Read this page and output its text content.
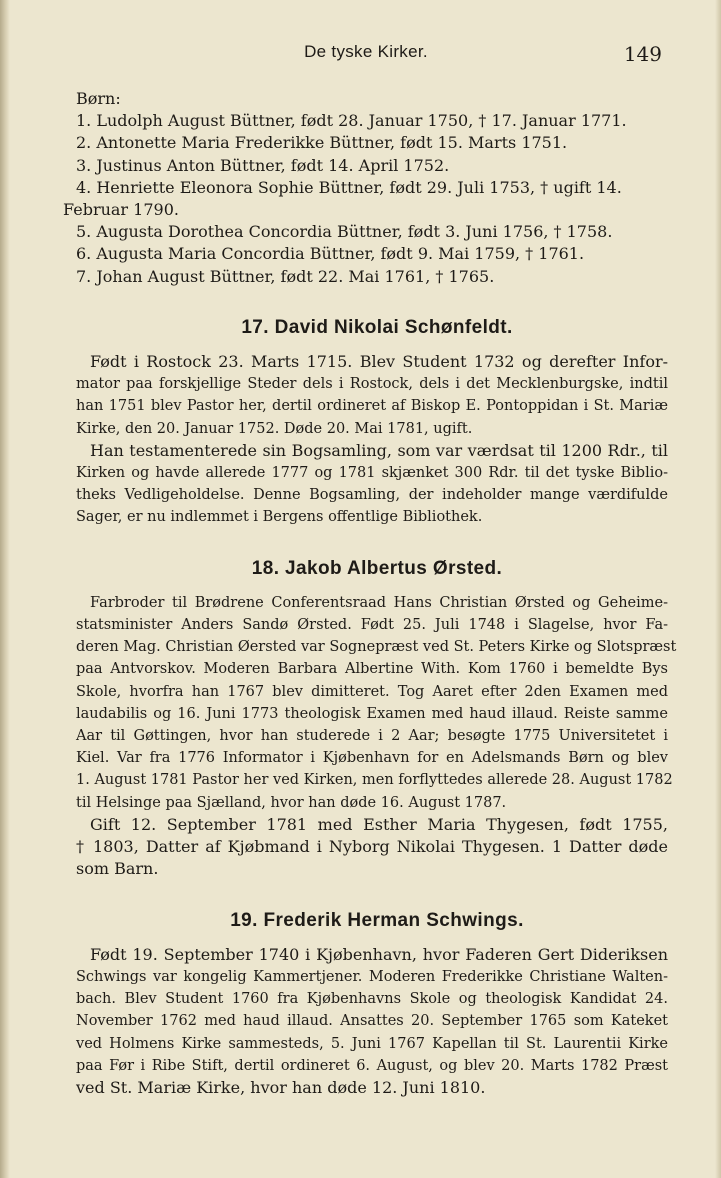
De tyske Kirker.	149
Børn:
1. Ludolph August Büttner, født 28. Januar 1750, † 17. Januar 1771.
2. Antonette Maria Frederikke Büttner, født 15. Marts 1751.
3. Justinus Anton Büttner, født 14. April 1752.
4. Henriette Eleonora Sophie Büttner, født 29. Juli 1753, † ugift 14.
Februar 1790.
5. Augusta Dorothea Concordia Büttner, født 3. Juni 1756, † 1758.
6. Augusta Maria Concordia Büttner, født 9. Mai 1759, † 1761.
7. Johan August Büttner, født 22. Mai 1761, † 1765.
17. David Nikolai Schønfeldt.
Født i Rostock 23. Marts 1715. Blev Student 1732 og derefter Infor-
mator paa forskjellige Steder dels i Rostock, dels i det Mecklenburgske, indtil
han 1751 blev Pastor her, dertil ordineret af Biskop E. Pontoppidan i St. Mariæ
Kirke, den 20. Januar 1752. Døde 20. Mai 1781, ugift.
Han testamenterede sin Bogsamling, som var værdsat til 1200 Rdr., til
Kirken og havde allerede 1777 og 1781 skjænket 300 Rdr. til det tyske Biblio-
theks Vedligeholdelse. Denne Bogsamling, der indeholder mange værdifulde
Sager, er nu indlemmet i Bergens offentlige Bibliothek.
18. Jakob Albertus Ørsted.
Farbroder til Brødrene Conferentsraad Hans Christian Ørsted og Geheime-
statsminister Anders Sandø Ørsted. Født 25. Juli 1748 i Slagelse, hvor Fa-
deren Mag. Christian Øersted var Sognepræst ved St. Peters Kirke og Slotspræst
paa Antvorskov. Moderen Barbara Albertine With. Kom 1760 i bemeldte Bys
Skole, hvorfra han 1767 blev dimitteret. Tog Aaret efter 2den Examen med
laudabilis og 16. Juni 1773 theologisk Examen med haud illaud. Reiste samme
Aar til Gøttingen, hvor han studerede i 2 Aar; besøgte 1775 Universitetet i
Kiel. Var fra 1776 Informator i Kjøbenhavn for en Adelsmands Børn og blev
1. August 1781 Pastor her ved Kirken, men forflyttedes allerede 28. August 1782
til Helsinge paa Sjælland, hvor han døde 16. August 1787.
Gift 12. September 1781 med Esther Maria Thygesen, født 1755,
† 1803, Datter af Kjøbmand i Nyborg Nikolai Thygesen. 1 Datter døde
som Barn.
19. Frederik Herman Schwings.
Født 19. September 1740 i Kjøbenhavn, hvor Faderen Gert Dideriksen
Schwings var kongelig Kammertjener. Moderen Frederikke Christiane Walten-
bach. Blev Student 1760 fra Kjøbenhavns Skole og theologisk Kandidat 24.
November 1762 med haud illaud. Ansattes 20. September 1765 som Kateket
ved Holmens Kirke sammesteds, 5. Juni 1767 Kapellan til St. Laurentii Kirke
paa Før i Ribe Stift, dertil ordineret 6. August, og blev 20. Marts 1782 Præst
ved St. Mariæ Kirke, hvor han døde 12. Juni 1810.
